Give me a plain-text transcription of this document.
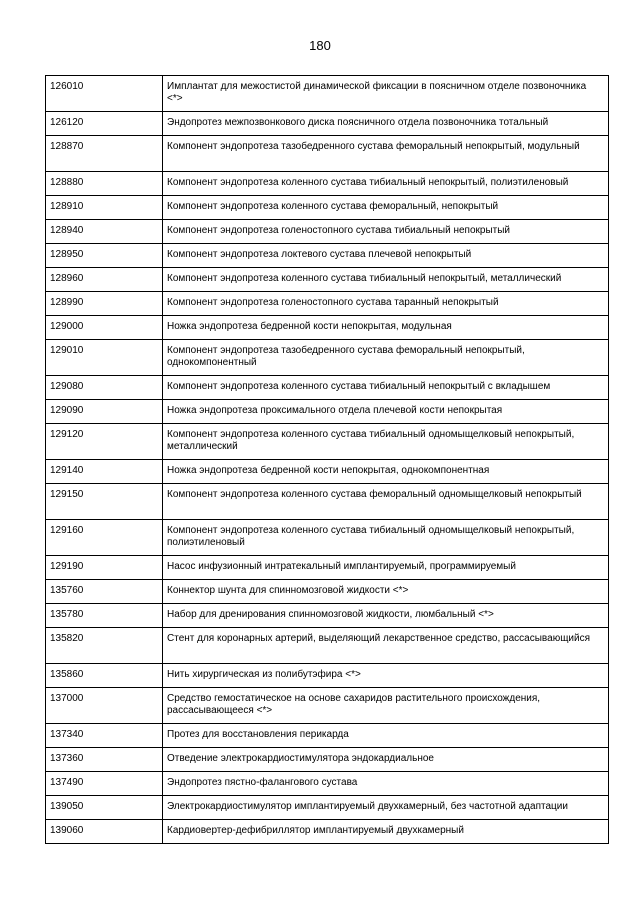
180
126010	Имплантат для межостистой динамической фиксации в поясничном отделе позвоночника <*>
126120	Эндопротез межпозвонкового диска поясничного отдела позвоночника тотальный
128870	Компонент эндопротеза тазобедренного сустава феморальный непокрытый, модульный
128880	Компонент эндопротеза коленного сустава тибиальный непокрытый, полиэтиленовый
128910	Компонент эндопротеза коленного сустава феморальный, непокрытый
128940	Компонент эндопротеза голеностопного сустава тибиальный непокрытый
128950	Компонент эндопротеза локтевого сустава плечевой непокрытый
128960	Компонент эндопротеза коленного сустава тибиальный непокрытый, металлический
128990	Компонент эндопротеза голеностопного сустава таранный непокрытый
129000	Ножка эндопротеза бедренной кости непокрытая, модульная
129010	Компонент эндопротеза тазобедренного сустава феморальный непокрытый, однокомпонентный
129080	Компонент эндопротеза коленного сустава тибиальный непокрытый с вкладышем
129090	Ножка эндопротеза проксимального отдела плечевой кости непокрытая
129120	Компонент эндопротеза коленного сустава тибиальный одномыщелковый непокрытый, металлический
129140	Ножка эндопротеза бедренной кости непокрытая, однокомпонентная
129150	Компонент эндопротеза коленного сустава феморальный одномыщелковый непокрытый
129160	Компонент эндопротеза коленного сустава тибиальный одномыщелковый непокрытый, полиэтиленовый
129190	Насос инфузионный интратекальный имплантируемый, программируемый
135760	Коннектор шунта для спинномозговой жидкости <*>
135780	Набор для дренирования спинномозговой жидкости, люмбальный <*>
135820	Стент для коронарных артерий, выделяющий лекарственное средство, рассасывающийся
135860	Нить хирургическая из полибутэфира <*>
137000	Средство гемостатическое на основе сахаридов растительного происхождения, рассасывающееся <*>
137340	Протез для восстановления перикарда
137360	Отведение электрокардиостимулятора эндокардиальное
137490	Эндопротез пястно-фалангового сустава
139050	Электрокардиостимулятор имплантируемый двухкамерный, без частотной адаптации
139060	Кардиовертер-дефибриллятор имплантируемый двухкамерный
